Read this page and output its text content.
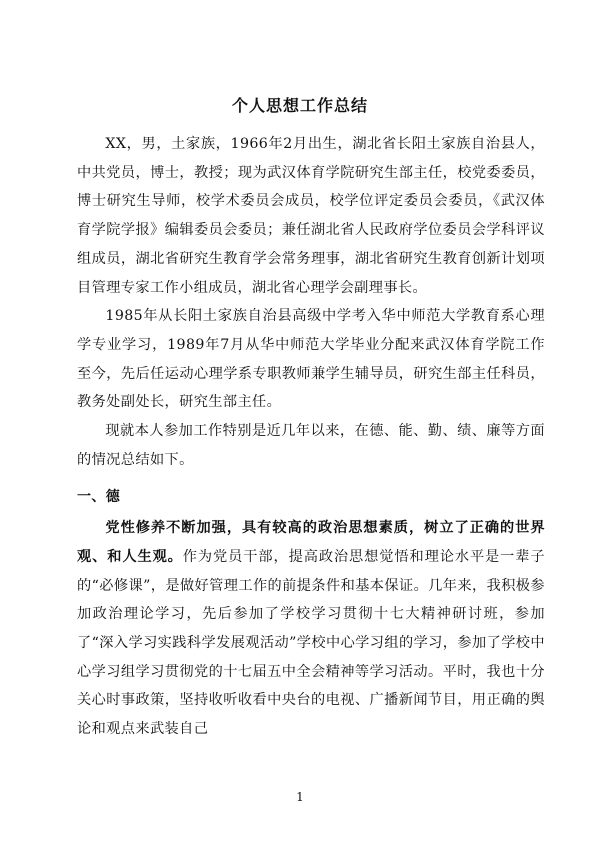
个人思想工作总结

XX，男，土家族，1966年2月出生，湖北省长阳土家族自治县人，中共党员，博士，教授；现为武汉体育学院研究生部主任，校党委委员，博士研究生导师，校学术委员会成员，校学位评定委员会委员，《武汉体育学院学报》编辑委员会委员；兼任湖北省人民政府学位委员会学科评议组成员，湖北省研究生教育学会常务理事，湖北省研究生教育创新计划项目管理专家工作小组成员，湖北省心理学会副理事长。

1985年从长阳土家族自治县高级中学考入华中师范大学教育系心理学专业学习，1989年7月从华中师范大学毕业分配来武汉体育学院工作至今，先后任运动心理学系专职教师兼学生辅导员，研究生部主任科员，教务处副处长，研究生部主任。

现就本人参加工作特别是近几年以来，在德、能、勤、绩、廉等方面的情况总结如下。

一、德

党性修养不断加强，具有较高的政治思想素质，树立了正确的世界观、和人生观。作为党员干部，提高政治思想觉悟和理论水平是一辈子的“必修课”，是做好管理工作的前提条件和基本保证。几年来，我积极参加政治理论学习，先后参加了学校学习贯彻十七大精神研讨班，参加了“深入学习实践科学发展观活动”学校中心学习组的学习，参加了学校中心学习组学习贯彻党的十七届五中全会精神等学习活动。平时，我也十分关心时事政策，坚持收听收看中央台的电视、广播新闻节目，用正确的舆论和观点来武装自己

1
